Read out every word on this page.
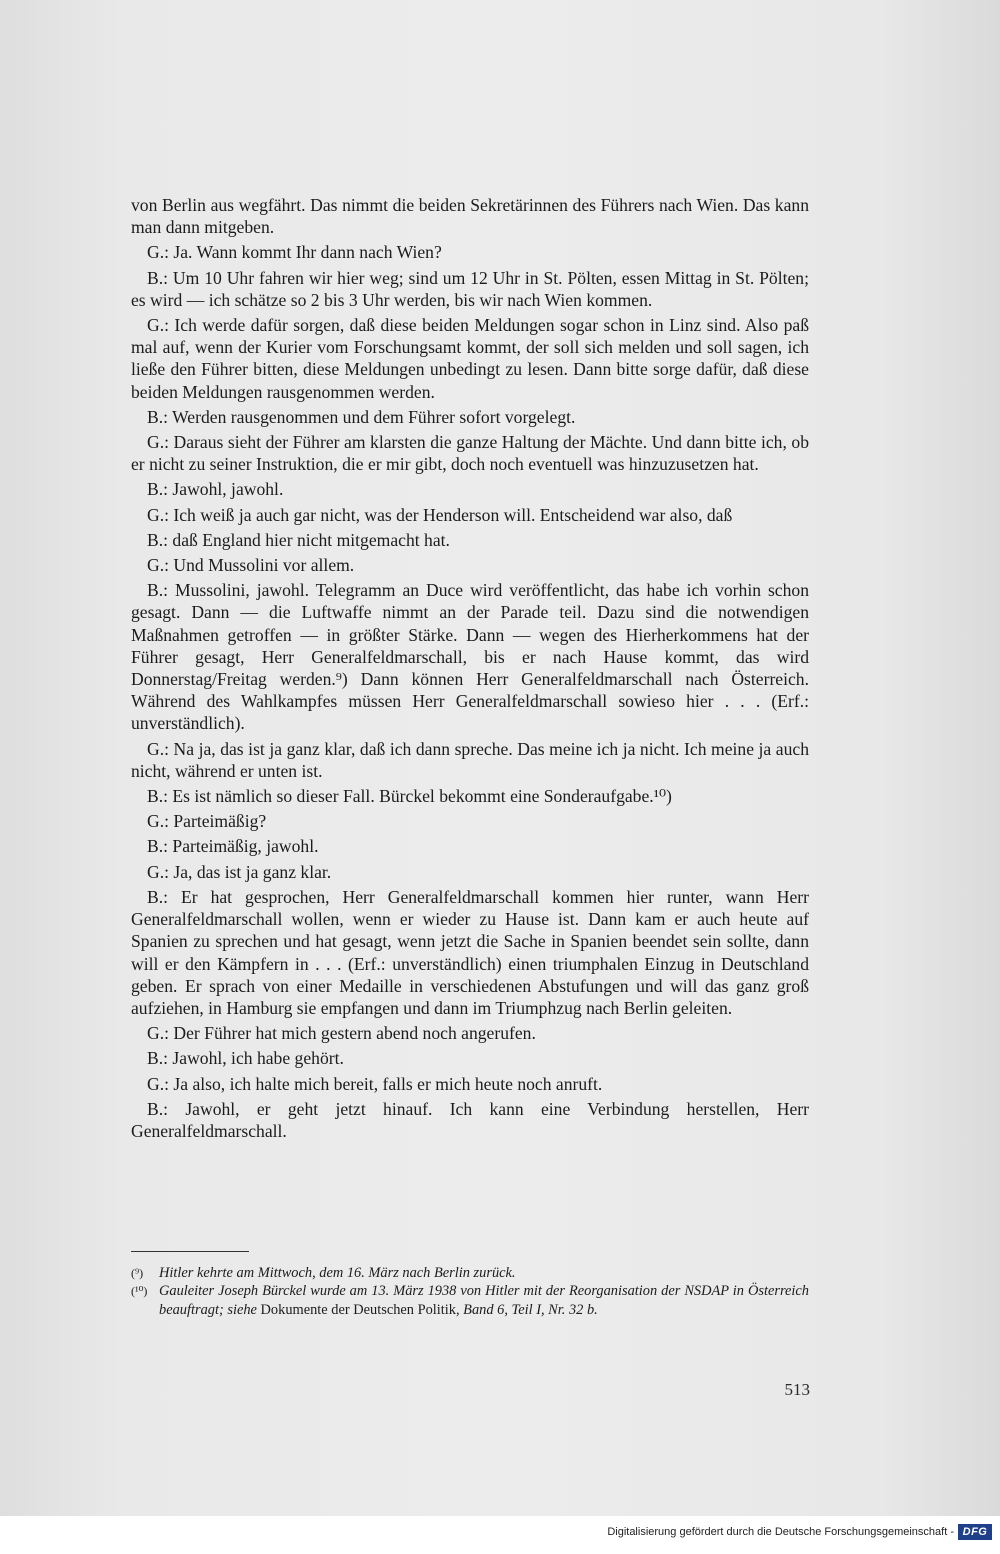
von Berlin aus wegfährt. Das nimmt die beiden Sekretärinnen des Führers nach Wien. Das kann man dann mitgeben.

G.: Ja. Wann kommt Ihr dann nach Wien?

B.: Um 10 Uhr fahren wir hier weg; sind um 12 Uhr in St. Pölten, essen Mittag in St. Pölten; es wird — ich schätze so 2 bis 3 Uhr werden, bis wir nach Wien kommen.

G.: Ich werde dafür sorgen, daß diese beiden Meldungen sogar schon in Linz sind. Also paß mal auf, wenn der Kurier vom Forschungsamt kommt, der soll sich melden und soll sagen, ich ließe den Führer bitten, diese Meldungen unbedingt zu lesen. Dann bitte sorge dafür, daß diese beiden Meldungen rausgenommen werden.

B.: Werden rausgenommen und dem Führer sofort vorgelegt.

G.: Daraus sieht der Führer am klarsten die ganze Haltung der Mächte. Und dann bitte ich, ob er nicht zu seiner Instruktion, die er mir gibt, doch noch eventuell was hinzuzusetzen hat.

B.: Jawohl, jawohl.

G.: Ich weiß ja auch gar nicht, was der Henderson will. Entscheidend war also, daß

B.: daß England hier nicht mitgemacht hat.

G.: Und Mussolini vor allem.

B.: Mussolini, jawohl. Telegramm an Duce wird veröffentlicht, das habe ich vorhin schon gesagt. Dann — die Luftwaffe nimmt an der Parade teil. Dazu sind die notwendigen Maßnahmen getroffen — in größter Stärke. Dann — wegen des Hierherkommens hat der Führer gesagt, Herr Generalfeldmarschall, bis er nach Hause kommt, das wird Donnerstag/Freitag werden.⁹) Dann können Herr Generalfeldmarschall nach Österreich. Während des Wahlkampfes müssen Herr Generalfeldmarschall sowieso hier . . . (Erf.: unverständlich).

G.: Na ja, das ist ja ganz klar, daß ich dann spreche. Das meine ich ja nicht. Ich meine ja auch nicht, während er unten ist.

B.: Es ist nämlich so dieser Fall. Bürckel bekommt eine Sonderaufgabe.¹⁰)

G.: Parteimäßig?

B.: Parteimäßig, jawohl.

G.: Ja, das ist ja ganz klar.

B.: Er hat gesprochen, Herr Generalfeldmarschall kommen hier runter, wann Herr Generalfeldmarschall wollen, wenn er wieder zu Hause ist. Dann kam er auch heute auf Spanien zu sprechen und hat gesagt, wenn jetzt die Sache in Spanien beendet sein sollte, dann will er den Kämpfern in . . . (Erf.: unverständlich) einen triumphalen Einzug in Deutschland geben. Er sprach von einer Medaille in verschiedenen Abstufungen und will das ganz groß aufziehen, in Hamburg sie empfangen und dann im Triumphzug nach Berlin geleiten.

G.: Der Führer hat mich gestern abend noch angerufen.

B.: Jawohl, ich habe gehört.

G.: Ja also, ich halte mich bereit, falls er mich heute noch anruft.

B.: Jawohl, er geht jetzt hinauf. Ich kann eine Verbindung herstellen, Herr Generalfeldmarschall.

(⁹)	Hitler kehrte am Mittwoch, dem 16. März nach Berlin zurück.
(¹⁰) Gauleiter Joseph Bürckel wurde am 13. März 1938 von Hitler mit der Reorganisation der NSDAP in Österreich beauftragt; siehe Dokumente der Deutschen Politik, Band 6, Teil I, Nr. 32 b.
513
Digitalisierung gefördert durch die Deutsche Forschungsgemeinschaft - DFG
